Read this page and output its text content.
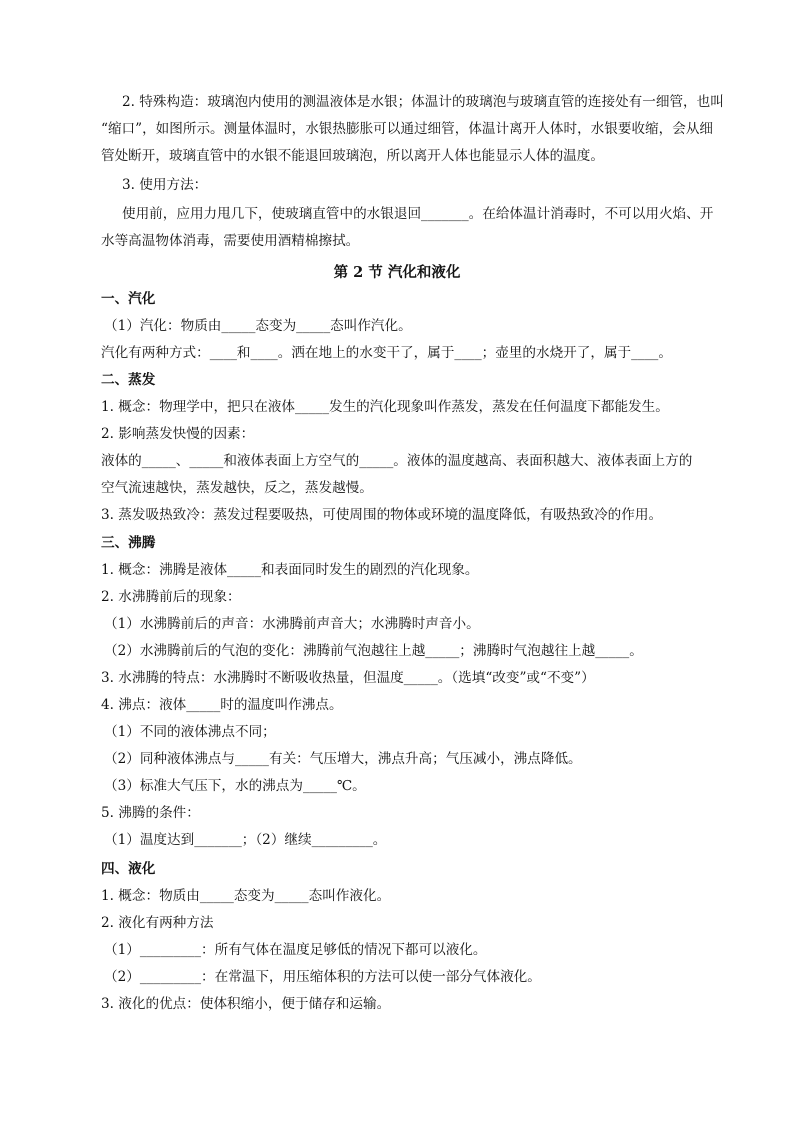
2. 特殊构造：玻璃泡内使用的测温液体是水银；体温计的玻璃泡与玻璃直管的连接处有一细管，也叫

“缩口”，如图所示。测量体温时，水银热膨胀可以通过细管，体温计离开人体时，水银要收缩，会从细

管处断开，玻璃直管中的水银不能退回玻璃泡，所以离开人体也能显示人体的温度。

3. 使用方法：

使用前，应用力甩几下，使玻璃直管中的水银退回_______。在给体温计消毒时，不可以用火焰、开

水等高温物体消毒，需要使用酒精棉擦拭。

第 2 节 汽化和液化

一、汽化

（1）汽化：物质由_____态变为_____态叫作汽化。

汽化有两种方式：____和____。洒在地上的水变干了，属于____；壶里的水烧开了，属于____。

二、蒸发

1. 概念：物理学中，把只在液体_____发生的汽化现象叫作蒸发，蒸发在任何温度下都能发生。

2. 影响蒸发快慢的因素：

液体的_____、_____和液体表面上方空气的_____。液体的温度越高、表面积越大、液体表面上方的

空气流速越快，蒸发越快，反之，蒸发越慢。

3. 蒸发吸热致冷：蒸发过程要吸热，可使周围的物体或环境的温度降低，有吸热致冷的作用。

三、沸腾

1. 概念：沸腾是液体_____和表面同时发生的剧烈的汽化现象。

2. 水沸腾前后的现象：

（1）水沸腾前后的声音：水沸腾前声音大；水沸腾时声音小。

（2）水沸腾前后的气泡的变化：沸腾前气泡越往上越_____；沸腾时气泡越往上越_____。

3. 水沸腾的特点：水沸腾时不断吸收热量，但温度_____。（选填“改变”或“不变”）

4. 沸点：液体_____时的温度叫作沸点。

（1）不同的液体沸点不同；

（2）同种液体沸点与_____有关：气压增大，沸点升高；气压减小，沸点降低。

（3）标准大气压下，水的沸点为_____℃。

5. 沸腾的条件：

（1）温度达到_______；（2）继续_________。

四、液化

1. 概念：物质由_____态变为_____态叫作液化。

2. 液化有两种方法

（1）_________：所有气体在温度足够低的情况下都可以液化。

（2）_________：在常温下，用压缩体积的方法可以使一部分气体液化。

3. 液化的优点：使体积缩小，便于储存和运输。
